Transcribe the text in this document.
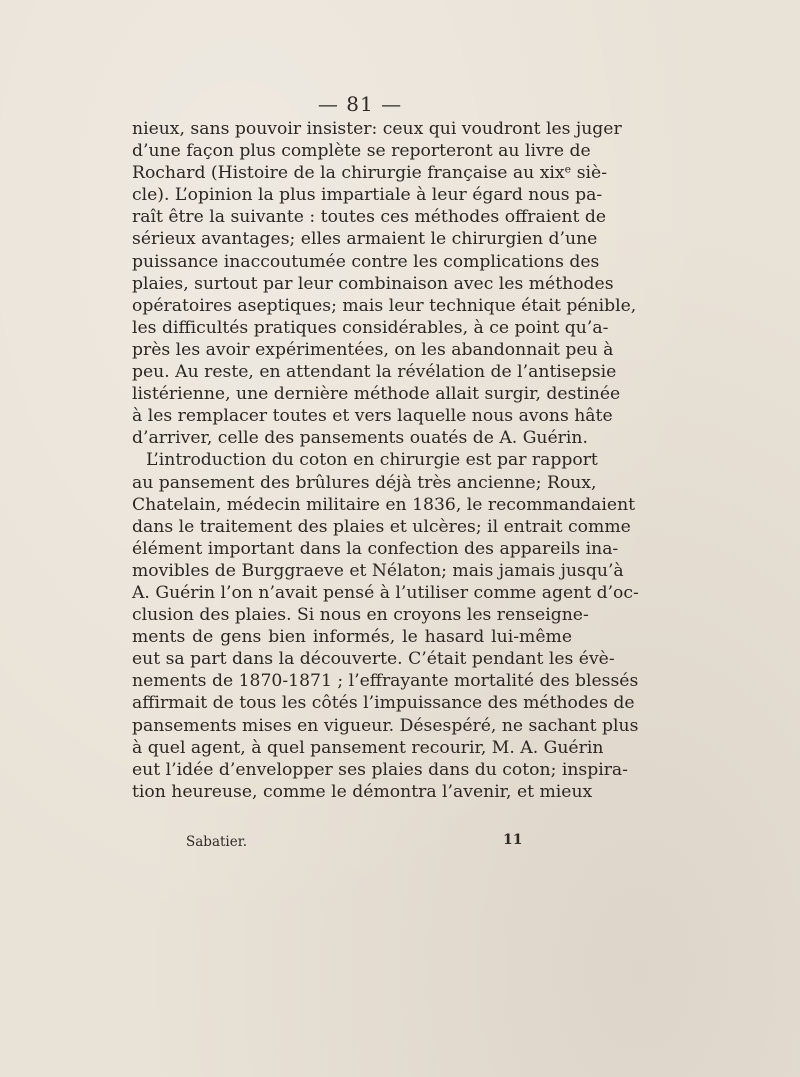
— 81 —
nieux, sans pouvoir insister: ceux qui voudront les juger
d’une façon plus complète se reporteront au livre de
Rochard (Histoire de la chirurgie française au xixᵉ siè-
cle). L’opinion la plus impartiale à leur égard nous pa-
raît être la suivante : toutes ces méthodes offraient de
sérieux avantages; elles armaient le chirurgien d’une
puissance inaccoutumée contre les complications des
plaies, surtout par leur combinaison avec les méthodes
opératoires aseptiques; mais leur technique était pénible,
les difficultés pratiques considérables, à ce point qu’a-
près les avoir expérimentées, on les abandonnait peu à
peu. Au reste, en attendant la révélation de l’antisepsie
listérienne, une dernière méthode allait surgir, destinée
à les remplacer toutes et vers laquelle nous avons hâte
d’arriver, celle des pansements ouatés de A. Guérin.
L’introduction du coton en chirurgie est par rapport
au pansement des brûlures déjà très ancienne; Roux,
Chatelain, médecin militaire en 1836, le recommandaient
dans le traitement des plaies et ulcères; il entrait comme
élément important dans la confection des appareils ina-
movibles de Burggraeve et Nélaton; mais jamais jusqu’à
A. Guérin l’on n’avait pensé à l’utiliser comme agent d’oc-
clusion des plaies. Si nous en croyons les renseigne-
ments de gens bien informés, le hasard lui-même
eut sa part dans la découverte. C’était pendant les évè-
nements de 1870-1871 ; l’effrayante mortalité des blessés
affirmait de tous les côtés l’impuissance des méthodes de
pansements mises en vigueur. Désespéré, ne sachant plus
à quel agent, à quel pansement recourir, M. A. Guérin
eut l’idée d’envelopper ses plaies dans du coton; inspira-
tion heureuse, comme le démontra l’avenir, et mieux
Sabatier.	11
